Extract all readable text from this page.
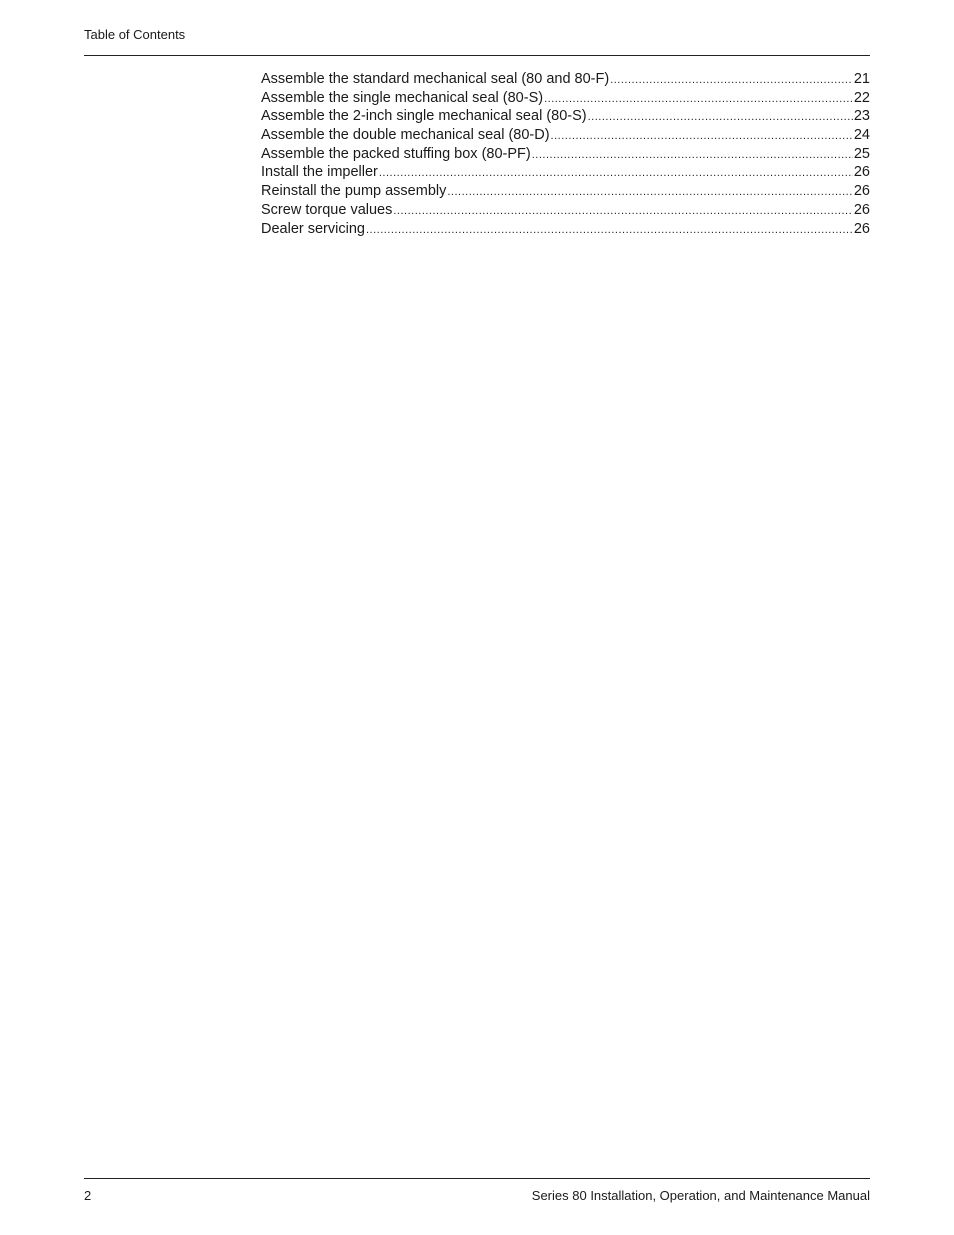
Table of Contents
Assemble the standard mechanical seal (80 and 80-F) .....	21
Assemble the single mechanical seal (80-S) .....	22
Assemble the 2-inch single mechanical seal (80-S) .....	23
Assemble the double mechanical seal (80-D) .....	24
Assemble the packed stuffing box (80-PF) .....	25
Install the impeller .....	26
Reinstall the pump assembly .....	26
Screw torque values .....	26
Dealer servicing .....	26
2	Series 80 Installation, Operation, and Maintenance Manual
